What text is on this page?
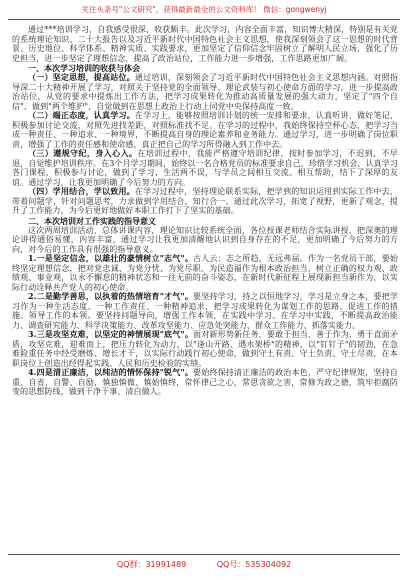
关注头条号"公文研究"，获得最新最全的公文资料库！ 微信：gongwenyj

通过***培训学习，自我感受很深，收获颇丰。此次学习，内容全面丰富，知识博大精深，特别是有关党的系统理论知识、二十大报告以及习近平新时代中国特色社会主义思想，使我深刻领会了这一思想的时代背景、历史地位、科学体系、精神实质、实践要求，更加坚定了信仰信念牢固树立了解明人民立场，强化了历史担当，进一步坚定了理想信念，提高了政治站位，工作能力进一步增强，工作思路更加广阔。

一、本次学习培训的收获与体会

（一）坚定思想，提高站位。通过培训，深刻领会了习近平新时代中国特色社会主义思想内涵。对照指导深二十大精神开展了学习，对照关于坚持党的全面领导、理论武装与初心使命方面的学习，进一步提高政治站位，从党的要求中提炼出工作方法，把学习成果转化为推动高质量发展的强大动力，坚定了"四个自信"、做到"两个维护"，自觉做到在思想上政治上行动上同党中央保持高度一致。

（二）端正态度，认真学习。在学习上，能够按照培训计划的统一安排和要求，认真听讲，做好笔记，积极参加讨论交流，对照先进找差距，对照标准找不足。在学习的过程中，我始终保持空杯心态，把学习当成一种责任、一种追求、一种境界，不断提高自身的理论素养和业务能力。通过学习，进一步明确了岗位职责，增强了工作的责任感和使命感，真正把自己的学习所得融入到工作中去。

（三）遵规守纪，身入心入。在培训过程中，我能严格遵守培训纪律，按时参加学习，不迟到、不早退，自觉维护培训秩序。在3个月学习期间，始终以一名合格党员的标准要求自己，珍惜学习机会，认真学习各门课程，积极参与讨论，做到了学习、生活两不误，与学员之间相互交流、相互帮助，结下了深厚的友谊。通过学习，让我更加明确了今后努力的方向。

（四）学用结合，学以致用。在学习过程中，坚持理论联系实际，把学到的知识运用到实际工作中去，带着问题学，针对问题思考，力求做到学用结合、知行合一。通过此次学习，拓宽了视野，更新了观念，提升了工作能力，为今后更好地做好本职工作打下了坚实的基础。

二、本次培训对工作实践的指导意义

这次两周培训活动，总体讲课内容，理论知识比较系统全面，各位授课老师结合实际讲授，把深奥的理论讲得通俗易懂，内容丰富，通过学习让我更加清醒地认识到自身存在的不足，更加明确了今后努力的方向，对今后的工作具有很强的指导意义。

1.一是坚定信念，以雄壮的豪情树立"志气"。古人云：志之所趋，无远弗届。作为一名党员干部，要始终坚定理想信念，把对党忠诚、为党分忧、为党尽职、为民造福作为根本政治担当，树立正确的权力观、政绩观、事业观，以永不懈怠的精神状态和一往无前的奋斗姿态，在新时代新征程上展现新担当新作为，以实际行动诠释共产党人的初心使命。

2.二是勤学善思，以执着的热情培育"才气"。要坚持学习，持之以恒地学习，学习是立身之本，要把学习作为一种生活态度、一种工作责任、一种精神追求，把学习成果转化为谋划工作的思路、促进工作的措施、领导工作的本领。要坚持问题导向，增强工作本领，在实践中学习、在学习中实践，不断提高政治能力、调查研究能力、科学决策能力、改革攻坚能力、应急处突能力、群众工作能力、抓落实能力。

3.三是攻坚克难，以坚定的神情展现"底气"。面对新形势新任务，要敢于担当、善于作为，勇于直面矛盾，攻坚克难，迎难而上，把压力转化为动力，以"逢山开路、遇水架桥"的精神，以"钉钉子"的韧劲，在急难险重任务中经受磨炼、增长才干，以实际行动践行初心使命，做到守土有责、守土负责、守土尽责，在本职岗位上创造出经得起实践、人民和历史检验的实绩。

4.四是清正廉洁，以纯洁的情怀保持"锐气"。要始终保持清正廉洁的政治本色，严守纪律规矩，坚持自重、自省、自警、自励，慎独慎微、慎始慎终，常怀律己之心，常思贪欲之害，常修为政之德，筑牢拒腐防变的思想防线，做到干净干事、清白做人。

QQ群：31991489	QQ号：535304092
